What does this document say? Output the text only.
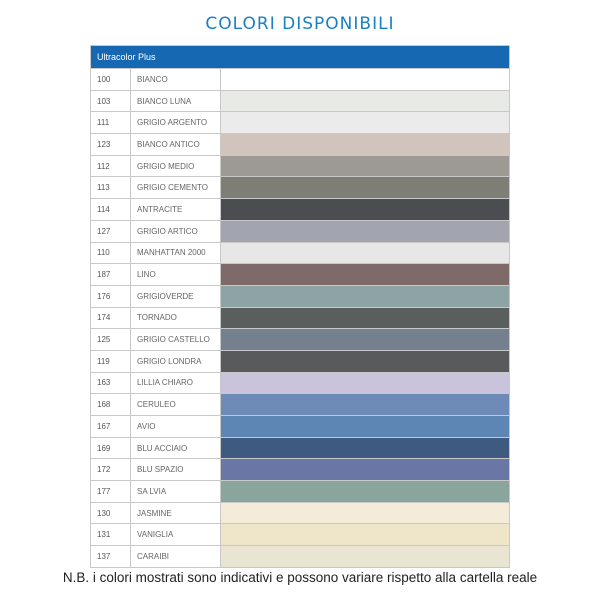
COLORI DISPONIBILI
Ultracolor Plus
100	BIANCO
103	BIANCO LUNA
111	GRIGIO ARGENTO
123	BIANCO ANTICO
112	GRIGIO MEDIO
113	GRIGIO CEMENTO
114	ANTRACITE
127	GRIGIO ARTICO
110	MANHATTAN 2000
187	LINO
176	GRIGIOVERDE
174	TORNADO
125	GRIGIO CASTELLO
119	GRIGIO LONDRA
163	LILLIA CHIARO
168	CERULEO
167	AVIO
169	BLU ACCIAIO
172	BLU SPAZIO
177	SA LVIA
130	JASMINE
131	VANIGLIA
137	CARAIBI
N.B. i colori mostrati sono indicativi e possono variare rispetto alla cartella reale
